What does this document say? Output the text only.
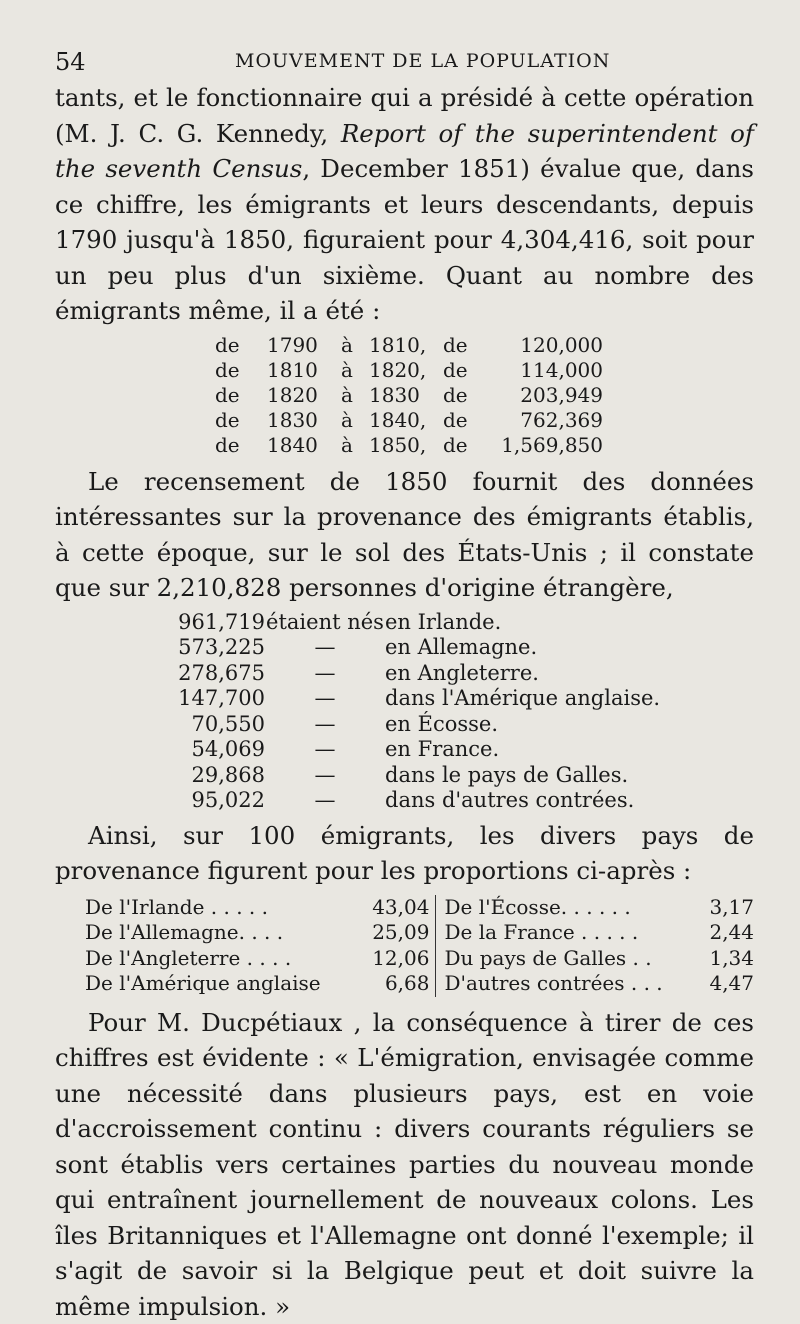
54	MOUVEMENT DE LA POPULATION

tants, et le fonctionnaire qui a présidé à cette opération (M. J. C. G. Kennedy, Report of the superintendent of the seventh Census, December 1851) évalue que, dans ce chiffre, les émigrants et leurs descendants, depuis 1790 jusqu'à 1850, figuraient pour 4,304,416, soit pour un peu plus d'un sixième. Quant au nombre des émigrants même, il a été :

de	1790	à 1810, de	120,000
de	1810	à 1820, de	114,000
de	1820	à 1830	de	203,949
de	1830	à 1840, de	762,369
de	1840	à 1850, de	1,569,850

Le recensement de 1850 fournit des données intéressantes sur la provenance des émigrants établis, à cette époque, sur le sol des États-Unis ; il constate que sur 2,210,828 personnes d'origine étrangère,

961,719 étaient nés en Irlande.
573,225	—	en Allemagne.
278,675	—	en Angleterre.
147,700	—	dans l'Amérique anglaise.
70,550	—	en Écosse.
54,069	—	en France.
29,868	—	dans le pays de Galles.
95,022	—	dans d'autres contrées.

Ainsi, sur 100 émigrants, les divers pays de provenance figurent pour les proportions ci-après :

De l'Irlande . . . . .	43,04
De l'Allemagne. . . .	25,09
De l'Angleterre . . . .	12,06
De l'Amérique anglaise	6,68
De l'Écosse. . . . . .	3,17
De la France . . . . .	2,44
Du pays de Galles . .	1,34
D'autres contrées . . . 4,47

Pour M. Ducpétiaux , la conséquence à tirer de ces chiffres est évidente : « L'émigration, envisagée comme une nécessité dans plusieurs pays, est en voie d'accroissement continu : divers courants réguliers se sont établis vers certaines parties du nouveau monde qui entraînent journellement de nouveaux colons. Les îles Britanniques et l'Allemagne ont donné l'exemple; il s'agit de savoir si la Belgique peut et doit suivre la même impulsion. »
